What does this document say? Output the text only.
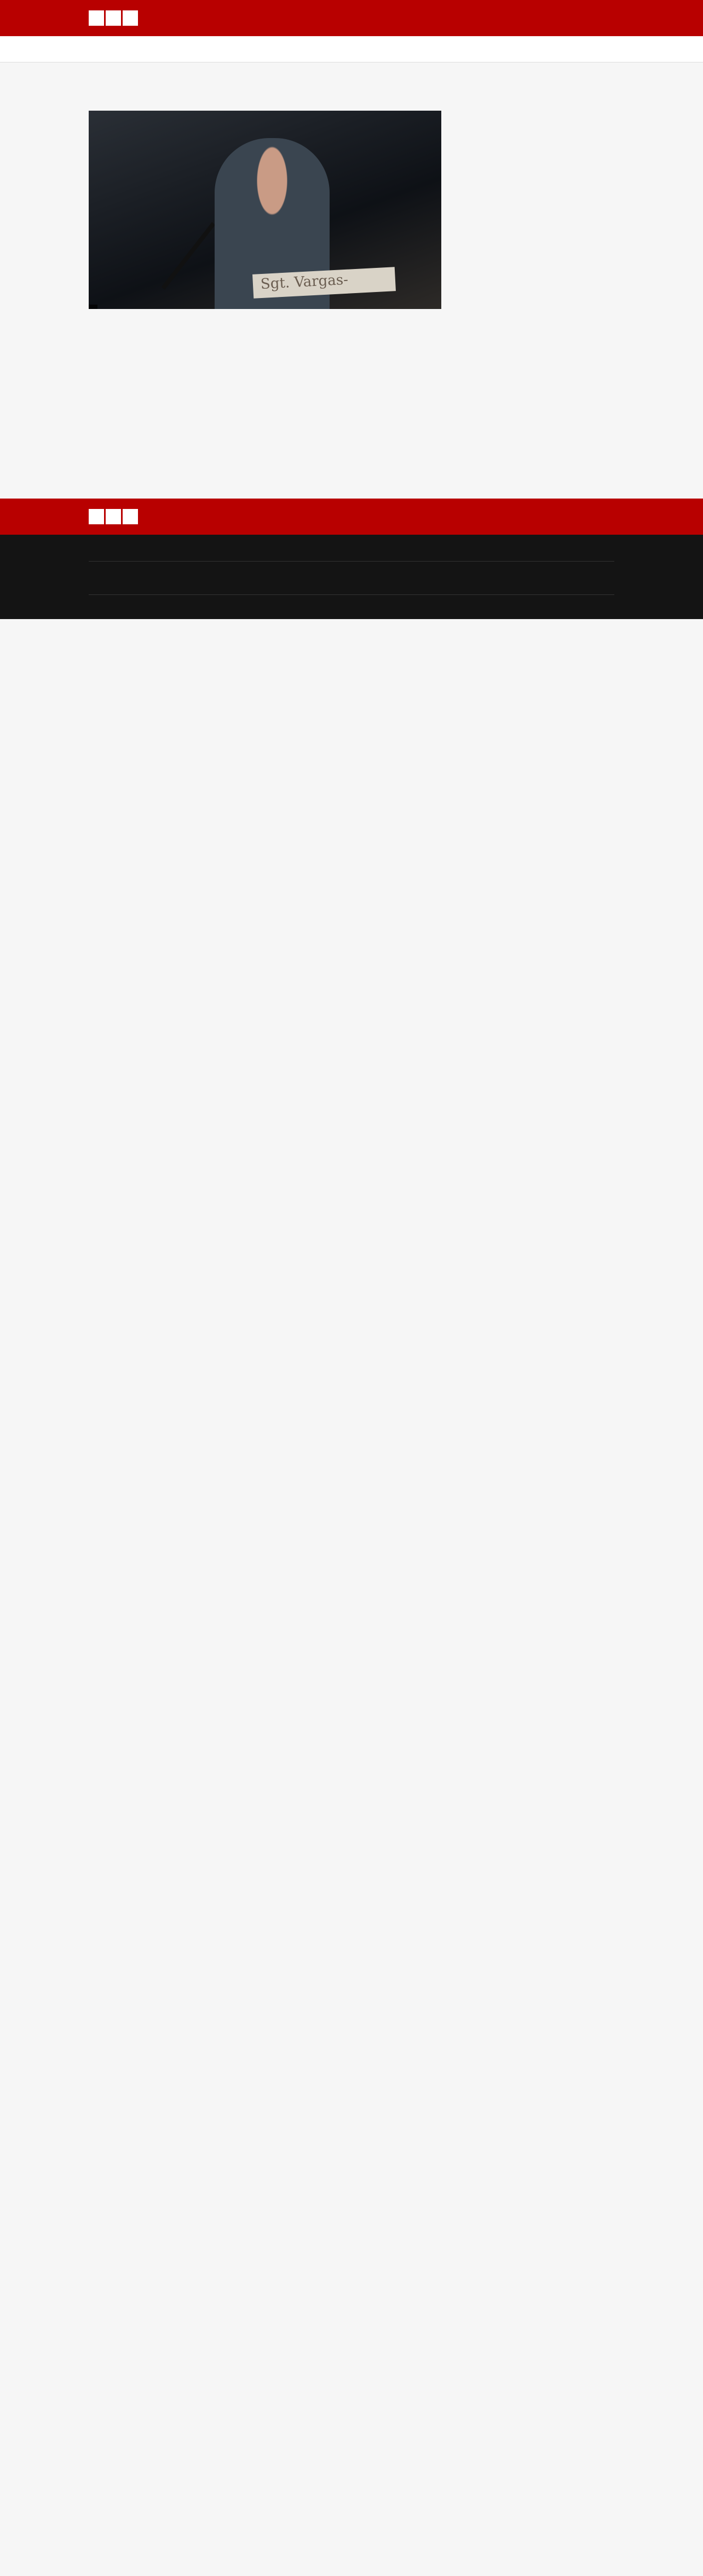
Sgt. Vargas-
